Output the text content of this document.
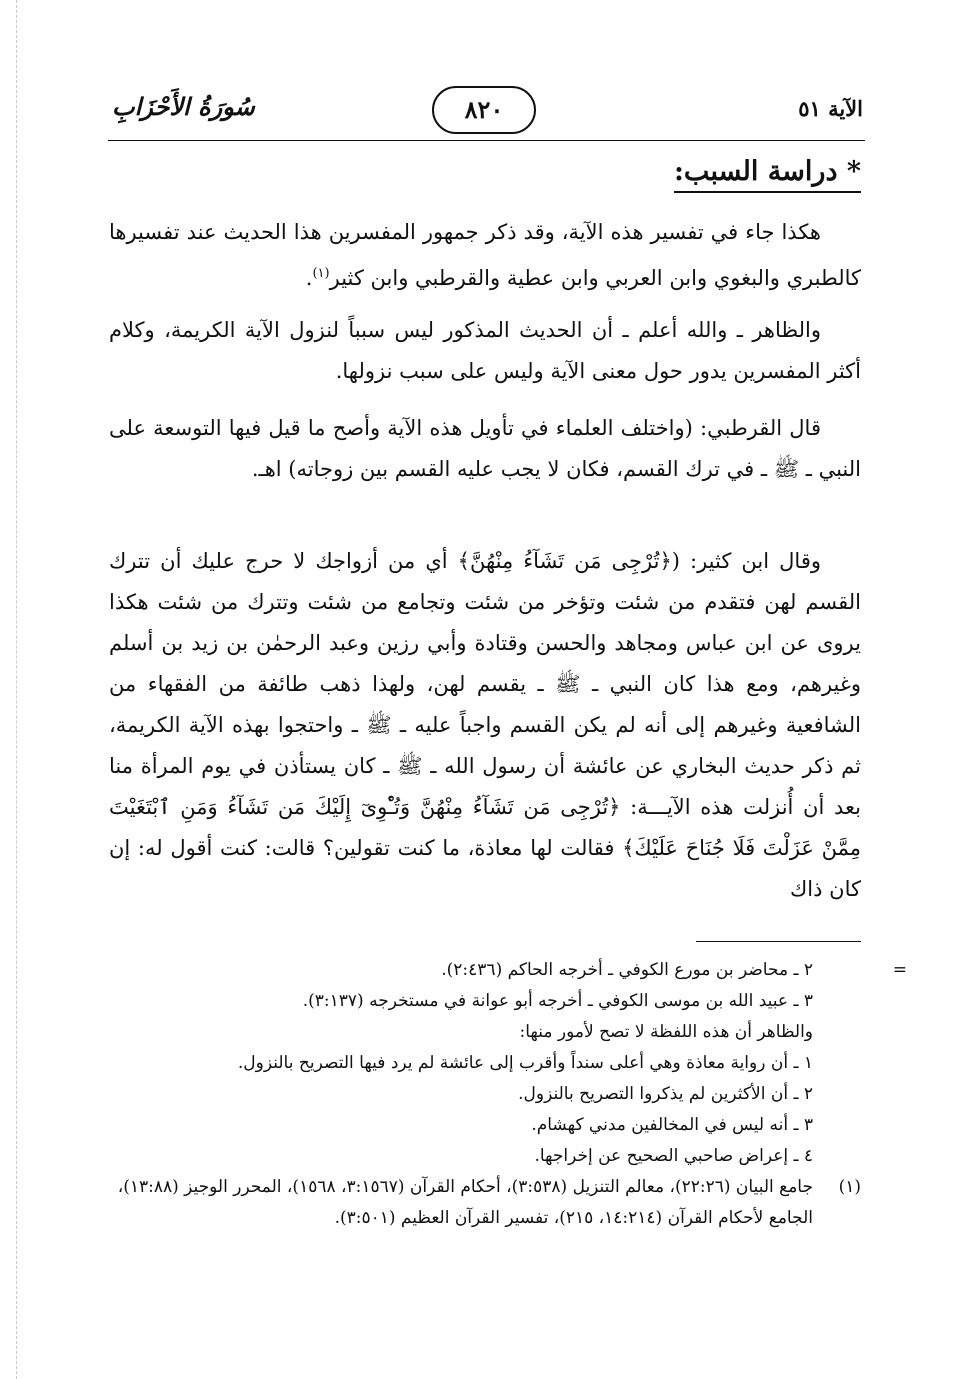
الآية ٥١
٨٢٠
سُورَةُ الأَحْزَابِ
* دراسة السبب:
هكذا جاء في تفسير هذه الآية، وقد ذكر جمهور المفسرين هذا الحديث عند تفسيرها كالطبري والبغوي وابن العربي وابن عطية والقرطبي وابن كثير$^{(١)}$.
والظاهر ـ والله أعلم ـ أن الحديث المذكور ليس سبباً لنزول الآية الكريمة، وكلام أكثر المفسرين يدور حول معنى الآية وليس على سبب نزولها.
قال القرطبي: (واختلف العلماء في تأويل هذه الآية وأصح ما قيل فيها التوسعة على النبي ـ ﷺ ـ في ترك القسم، فكان لا يجب عليه القسم بين زوجاته) اهـ.
وقال ابن كثير: (﴿تُرْجِى مَن تَشَآءُ مِنْهُنَّ﴾ أي من أزواجك لا حرج عليك أن تترك القسم لهن فتقدم من شئت وتؤخر من شئت وتجامع من شئت وتترك من شئت هكذا يروى عن ابن عباس ومجاهد والحسن وقتادة وأبي رزين وعبد الرحمٰن بن زيد بن أسلم وغيرهم، ومع هذا كان النبي ـ ﷺ ـ يقسم لهن، ولهذا ذهب طائفة من الفقهاء من الشافعية وغيرهم إلى أنه لم يكن القسم واجباً عليه ـ ﷺ ـ واحتجوا بهذه الآية الكريمة، ثم ذكر حديث البخاري عن عائشة أن رسول الله ـ ﷺ ـ كان يستأذن في يوم المرأة منا بعد أن أُنزلت هذه الآيـــة: ﴿تُرْجِى مَن تَشَآءُ مِنْهُنَّ وَتُـْٔوِىٓ إِلَيْكَ مَن تَشَآءُ وَمَنِ ٱبْتَغَيْتَ مِمَّنْ عَزَلْتَ فَلَا جُنَاحَ عَلَيْكَ﴾ فقالت لها معاذة، ما كنت تقولين؟ قالت: كنت أقول له: إن كان ذاك
=
٢ ـ محاضر بن مورع الكوفي ـ أخرجه الحاكم (٢:٤٣٦).
٣ ـ عبيد الله بن موسى الكوفي ـ أخرجه أبو عوانة في مستخرجه (٣:١٣٧).
والظاهر أن هذه اللفظة لا تصح لأمور منها:
١ ـ أن رواية معاذة وهي أعلى سنداً وأقرب إلى عائشة لم يرد فيها التصريح بالنزول.
٢ ـ أن الأكثرين لم يذكروا التصريح بالنزول.
٣ ـ أنه ليس في المخالفين مدني كهشام.
٤ ـ إعراض صاحبي الصحيح عن إخراجها.
(١)
جامع البيان (٢٢:٢٦)، معالم التنزيل (٣:٥٣٨)، أحكام القرآن (٣:١٥٦٧، ١٥٦٨)، المحرر الوجيز (١٣:٨٨)، الجامع لأحكام القرآن (١٤:٢١٤، ٢١٥)، تفسير القرآن العظيم (٣:٥٠١).
